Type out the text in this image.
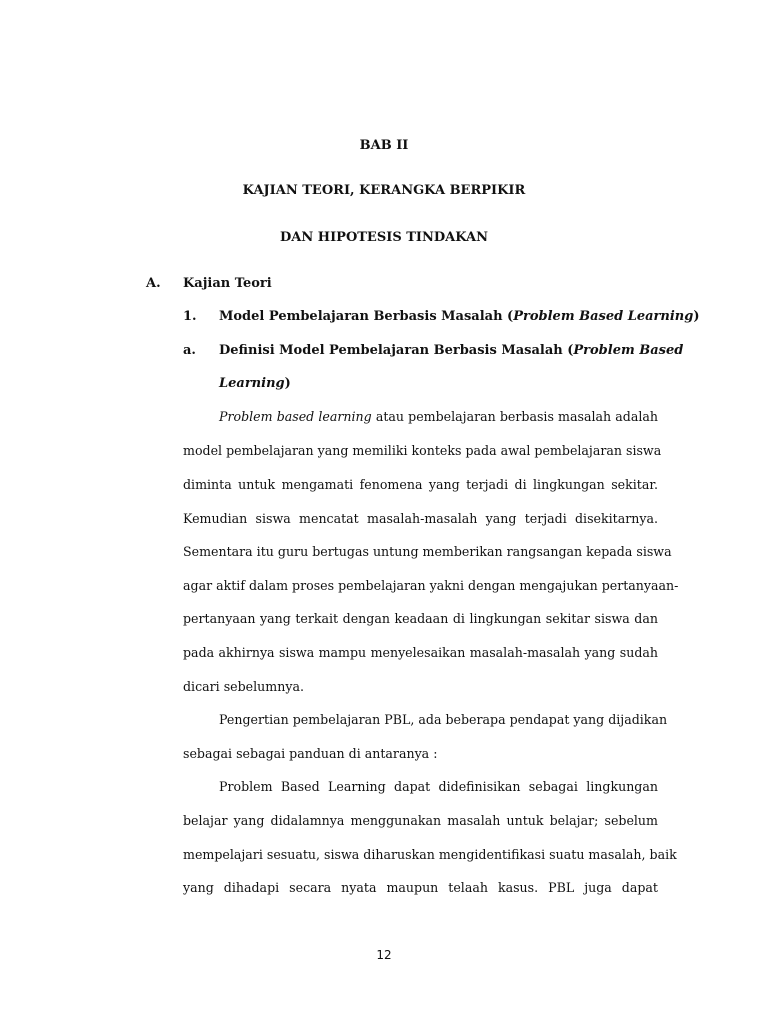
BAB II
KAJIAN TEORI, KERANGKA BERPIKIR
DAN HIPOTESIS TINDAKAN
A. Kajian Teori
1. Model Pembelajaran Berbasis Masalah (Problem Based Learning)
a. Definisi Model Pembelajaran Berbasis Masalah (Problem Based
Learning)
Problem based learning atau pembelajaran berbasis masalah adalah
model pembelajaran yang memiliki konteks pada awal pembelajaran siswa
diminta untuk mengamati fenomena yang terjadi di lingkungan sekitar.
Kemudian siswa mencatat masalah-masalah yang terjadi disekitarnya.
Sementara itu guru bertugas untung memberikan rangsangan kepada siswa
agar aktif dalam proses pembelajaran yakni dengan mengajukan pertanyaan-
pertanyaan yang terkait dengan keadaan di lingkungan sekitar siswa dan
pada akhirnya siswa mampu menyelesaikan masalah-masalah yang sudah
dicari sebelumnya.
Pengertian pembelajaran PBL, ada beberapa pendapat yang dijadikan
sebagai sebagai panduan di antaranya :
Problem Based Learning dapat didefinisikan sebagai lingkungan
belajar yang didalamnya menggunakan masalah untuk belajar; sebelum
mempelajari sesuatu, siswa diharuskan mengidentifikasi suatu masalah, baik
yang dihadapi secara nyata maupun telaah kasus. PBL juga dapat
12
